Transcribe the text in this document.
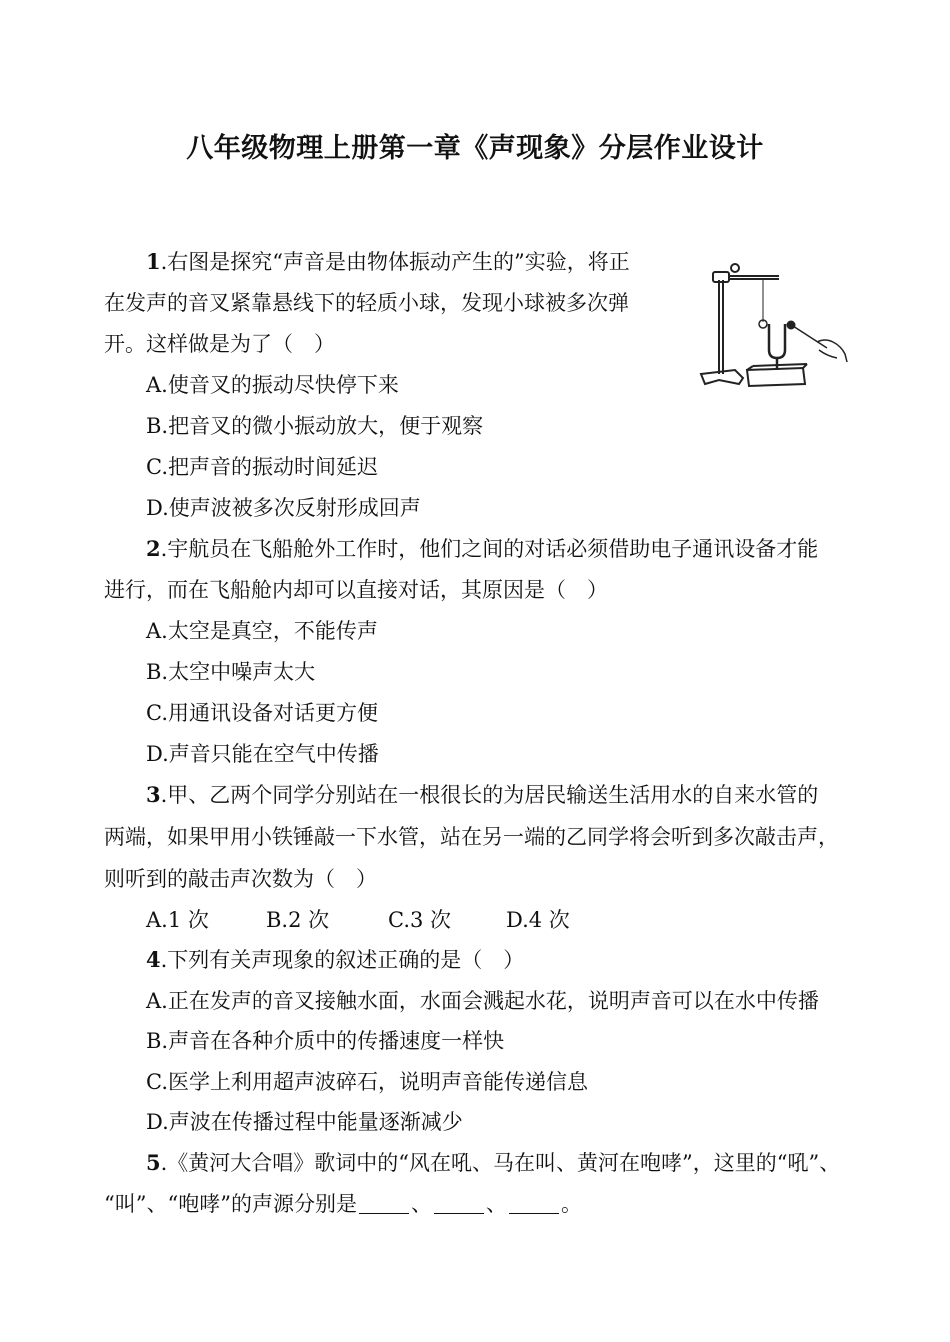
八年级物理上册第一章《声现象》分层作业设计
1.右图是探究“声音是由物体振动产生的”实验，将正
在发声的音叉紧靠悬线下的轻质小球，发现小球被多次弹
开。这样做是为了（　）
A.使音叉的振动尽快停下来
B.把音叉的微小振动放大，便于观察
C.把声音的振动时间延迟
D.使声波被多次反射形成回声
2.宇航员在飞船舱外工作时，他们之间的对话必须借助电子通讯设备才能
进行，而在飞船舱内却可以直接对话，其原因是（　）
A.太空是真空，不能传声
B.太空中噪声太大
C.用通讯设备对话更方便
D.声音只能在空气中传播
3.甲、乙两个同学分别站在一根很长的为居民输送生活用水的自来水管的
两端，如果甲用小铁锤敲一下水管，站在另一端的乙同学将会听到多次敲击声，
则听到的敲击声次数为（　）
A.1 次	B.2 次	C.3 次	D.4 次
4.下列有关声现象的叙述正确的是（　）
A.正在发声的音叉接触水面，水面会溅起水花，说明声音可以在水中传播
B.声音在各种介质中的传播速度一样快
C.医学上利用超声波碎石，说明声音能传递信息
D.声波在传播过程中能量逐渐减少
5.《黄河大合唱》歌词中的“风在吼、马在叫、黄河在咆哮”，这里的“吼”、
“叫”、“咆哮”的声源分别是	、	、	。
